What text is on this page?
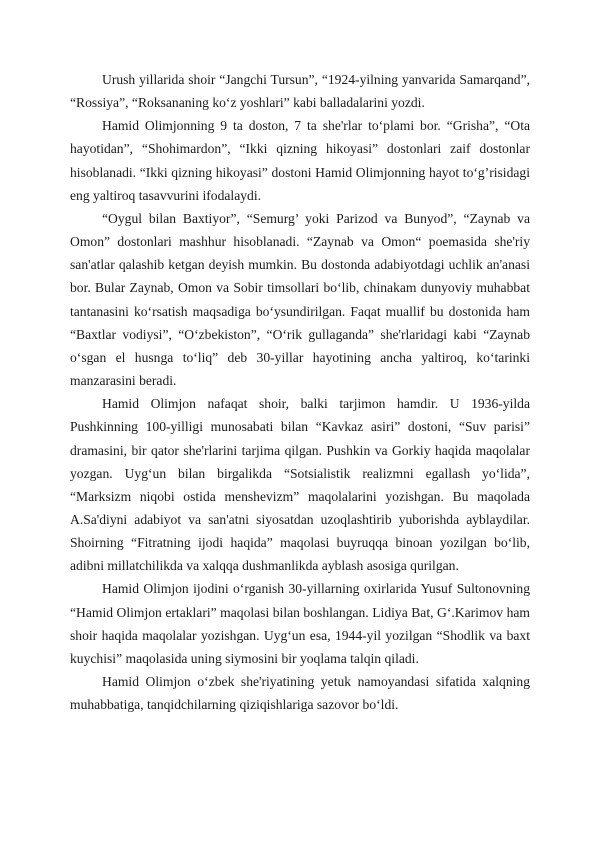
Urush yillarida shoir “Jangchi Tursun”, “1924-yilning yanvarida Samarqand”, “Rossiya”, “Roksananing ko‘z yoshlari” kabi balladalarini yozdi.

Hamid Olimjonning 9 ta doston, 7 ta she'rlar to‘plami bor. “Grisha”, “Ota hayotidan”, “Shohimardon”, “Ikki qizning hikoyasi” dostonlari zaif dostonlar hisoblanadi. “Ikki qizning hikoyasi” dostoni Hamid Olimjonning hayot to‘g’risidagi eng yaltiroq tasavvurini ifodalaydi.

“Oygul bilan Baxtiyor”, “Semurg’ yoki Parizod va Bunyod”, “Zaynab va Omon” dostonlari mashhur hisoblanadi. “Zaynab va Omon“ poemasida she'riy san'atlar qalashib ketgan deyish mumkin. Bu dostonda adabiyotdagi uchlik an'anasi bor. Bular Zaynab, Omon va Sobir timsollari bo‘lib, chinakam dunyoviy muhabbat tantanasini ko‘rsatish maqsadiga bo‘ysundirilgan. Faqat muallif bu dostonida ham “Baxtlar vodiysi”, “O‘zbekiston”, “O‘rik gullaganda” she'rlaridagi kabi “Zaynab o‘sgan el husnga to‘liq” deb 30-yillar hayotining ancha yaltiroq, ko‘tarinki manzarasini beradi.

Hamid Olimjon nafaqat shoir, balki tarjimon hamdir. U 1936-yilda Pushkinning 100-yilligi munosabati bilan “Kavkaz asiri” dostoni, “Suv parisi” dramasini, bir qator she'rlarini tarjima qilgan. Pushkin va Gorkiy haqida maqolalar yozgan. Uyg‘un bilan birgalikda “Sotsialistik realizmni egallash yo‘lida”, “Marksizm niqobi ostida menshevizm” maqolalarini yozishgan. Bu maqolada A.Sa'diyni adabiyot va san'atni siyosatdan uzoqlashtirib yuborishda ayblaydilar. Shoirning “Fitratning ijodi haqida” maqolasi buyruqqa binoan yozilgan bo‘lib, adibni millatchilikda va xalqqa dushmanlikda ayblash asosiga qurilgan.

Hamid Olimjon ijodini o‘rganish 30-yillarning oxirlarida Yusuf Sultonovning “Hamid Olimjon ertaklari” maqolasi bilan boshlangan. Lidiya Bat, G‘.Karimov ham shoir haqida maqolalar yozishgan. Uyg‘un esa, 1944-yil yozilgan “Shodlik va baxt kuychisi” maqolasida uning siymosini bir yoqlama talqin qiladi.

Hamid Olimjon o‘zbek she'riyatining yetuk namoyandasi sifatida xalqning muhabbatiga, tanqidchilarning qiziqishlariga sazovor bo‘ldi.
